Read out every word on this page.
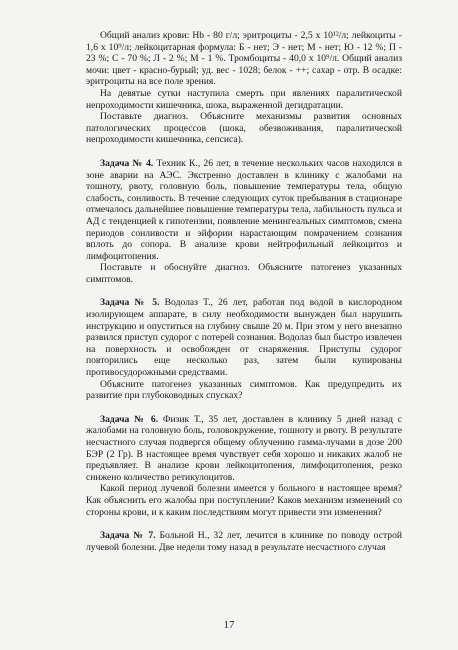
Общий анализ крови: Hb - 80 г/л; эритроциты - 2,5 х 10¹²/л; лейкоциты - 1,6 х 10⁹/л; лейкоцитарная формула: Б - нет; Э - нет; М - нет; Ю - 12 %; П - 23 %; С - 70 %; Л - 2 %; М - 1 %. Тромбоциты - 40,0 х 10⁹/л. Общий анализ мочи: цвет - красно-бурый; уд. вес - 1028; белок - ++; сахар - отр. В осадке: эритроциты на все поле зрения.

На девятые сутки наступила смерть при явлениях паралитической непроходимости кишечника, шока, выраженной дегидратации.

Поставьте диагноз. Объясните механизмы развития основных патологических процессов (шока, обезвоживания, паралитической непроходимости кишечника, сепсиса).

Задача № 4. Техник К., 26 лет, в течение нескольких часов находился в зоне аварии на АЭС. Экстренно доставлен в клинику с жалобами на тошноту, рвоту, головную боль, повышение температуры тела, общую слабость, сонливость. В течение следующих суток пребывания в стационаре отмечалось дальнейшее повышение температуры тела, лабильность пульса и АД с тенденцией к гипотензии, появление менингеальных симптомов, смена периодов сонливости и эйфории нарастающим помрачением сознания вплоть до сопора. В анализе крови нейтрофильный лейкоцитоз и лимфоцитопения.

Поставьте и обоснуйте диагноз. Объясните патогенез указанных симптомов.

Задача № 5. Водолаз Т., 26 лет, работая под водой в кислородном изолирующем аппарате, в силу необходимости вынужден был нарушить инструкцию и опуститься на глубину свыше 20 м. При этом у него внезапно развился приступ судорог с потерей сознания. Водолаз был быстро извлечен на поверхность и освобожден от снаряжения. Приступы судорог повторились еще несколько раз, затем были купированы противосудорожными средствами.

Объясните патогенез указанных симптомов. Как предупредить их развитие при глубоководных спусках?

Задача № 6. Физик Т., 35 лет, доставлен в клинику 5 дней назад с жалобами на головную боль, головокружение, тошноту и рвоту. В результате несчастного случая подвергся общему облучению гамма-лучами в дозе 200 БЭР (2 Гр). В настоящее время чувствует себя хорошо и никаких жалоб не предъявляет. В анализе крови лейкоцитопения, лимфоцитопения, резко снижено количество ретикулоцитов.

Какой период лучевой болезни имеется у больного в настоящее время? Как объяснить его жалобы при поступлении? Каков механизм изменений со стороны крови, и к каким последствиям могут привести эти изменения?

Задача № 7. Больной Н., 32 лет, лечится в клинике по поводу острой лучевой болезни. Две недели тому назад в результате несчастного случая

17
